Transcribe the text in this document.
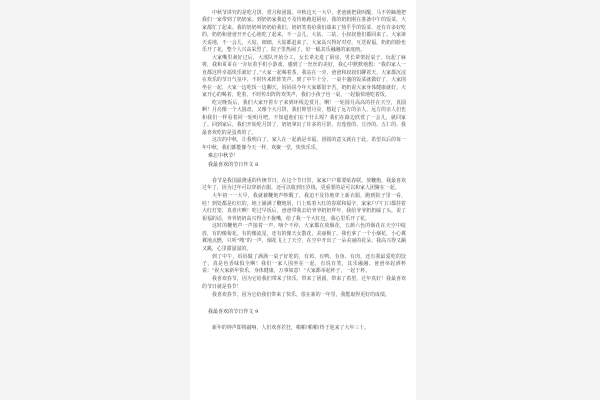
中秋节讲究的是吃月饼，赏月和团圆。中秋这天一大早，老爸就把我叫醒，马不停蹄地把我们一家带到了奶奶家。到奶奶家我迫不及待地跑进厨房，我的奶奶刚在准备中午的饭菜，大家都忙了起来。我的奶奶叫奶奶给我们，奶奶笑着给我们端来了热乎乎的饭菜，还有许多好吃的，奶奶和爸爸开开心心地吃了起来，不一会儿，大姑、二姑，小叔叔他们都回来了。大家谈天说地，不一会儿，大姑，细细，大姑都赶来了，大家高兴得好对对，互送祝福，奶奶的脸也乐开了花，整个人兴高采烈了，院子里热闹了，好一幅其乐融融的家庭画。

大家嘴里剥好过后，大部队开始分工，女长辈走进了厨房，男长辈架起桌子，玩起了麻将，我和哥哥在一旁玩着手机小游戏，感到了一丝丝的美好，我心中默默地想：“我的家人一直都这样幸福快乐就好了。”大家一起喝着茶，我站在一旁，爸爸和叔叔们聊着天，大家都沉浸在欢乐的节日气氛中，不时传来阵阵笑声。到了中午十分，一桌丰盛的饭菜就做好了，大家围坐在一起，大家一边吃饭一边聊天，妈妈说今年大家都很辛苦，奶奶说大家身体健康就好。大家开心的喝着，吃着，不时传出阵阵欢笑声，我们小孩子也一桌，一起愉快地吃着饭。

吃完晚饭后，我们大家开着车子来到环线边赏月，啊！一轮圆月高高的挂在天空，真圆啊！月亮像一个大圆盘，又像个大月饼，我们仰望月亮，想起了远方的亲人，远方的亲人们也和我们一样看着同一轮明月吧。不知道他们在干什么呢？我们在路边欣赏了一会儿，就回家了。回到家后，我们开始吃月饼了，奶奶拿出了许多的月饼，有莲蓉的、豆沙的、五仁的，我最喜欢吃的是蛋黄的了。

这次的中秋，让我明白了，家人在一起就是幸福，团圆的意义就在于此，希望以后的每一年中秋，我们都能像今天一样，欢聚一堂，快快乐乐。

难忘中秋节！
我最喜欢的节日作文 8

春节是我国最隆重的传统节日，在这个节日里，家家户户都要贴春联，放鞭炮，我最喜欢过年了，因为过年可以穿新衣服，还可以收到压岁钱，更重要的是可以和家人团聚在一起。

大年初一一大早，我就被鞭炮声吵醒了，我迫不及待地穿上新衣服，跑到院子里一看，哇！到处都是红红的，地上铺满了鞭炮屑，门上贴着大红的春联和福字，家家户户门口都挂着大红灯笼，真喜庆啊！吃过早饭后，爸爸带我去给爷爷奶奶拜年，我给爷爷奶奶磕了头，说了祝福的话，爷爷奶奶高兴得合不拢嘴，给了我一个大红包，我心里乐开了花。

这时的鞭炮声一声接着一声，响个不停，大家都在放烟花，五颜六色的烟花在天空中绽放，有的像菊花，有的像流星，还有的像天女散花，美丽极了。我也拿了一个小烟花，小心翼翼地点燃，只听“嗖”的一声，烟花飞上了天空，在空中开出了一朵美丽的花朵，我高兴得又蹦又跳，心里甜滋滋的。

到了中午，妈妈做了满满一桌子好吃的，有鸡、有鸭、有鱼、有肉，还有我最爱吃的饺子，真是色香味俱全啊！我们一家人围坐在一起，有说有笑，其乐融融。爸爸举起酒杯说：“祝大家新年快乐，身体健康，万事如意！”大家都举起杯子，一起干杯。

我喜欢春节，因为它给我们带来了快乐，带来了团圆，带来了希望，过年真好！我最喜欢的节日就是春节！

我喜欢春节，因为它给我们带来了快乐，很在新的一年里，我能取得更好的成绩。

我最喜欢的节日作文 9

新年的钟声即将敲响，人们欢喜若狂，啪啪!啪啪!终于迎来了大年三十。
